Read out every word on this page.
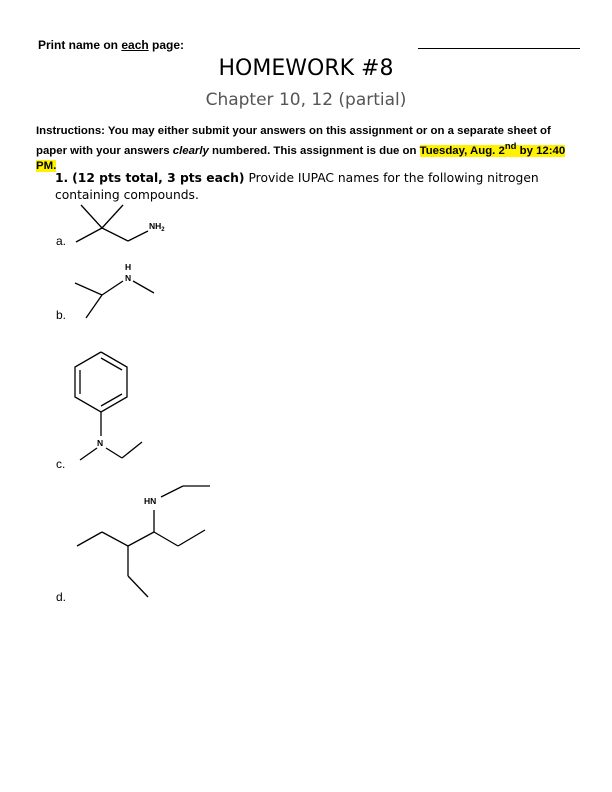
Print name on each page:
HOMEWORK #8
Chapter 10, 12 (partial)
Instructions: You may either submit your answers on this assignment or on a separate sheet of paper with your answers clearly numbered. This assignment is due on Tuesday, Aug. 2nd by 12:40 PM.
1. (12 pts total, 3 pts each) Provide IUPAC names for the following nitrogen containing compounds.
a.
$NH_2$
b.
H
N
c.
N
d.
HN
